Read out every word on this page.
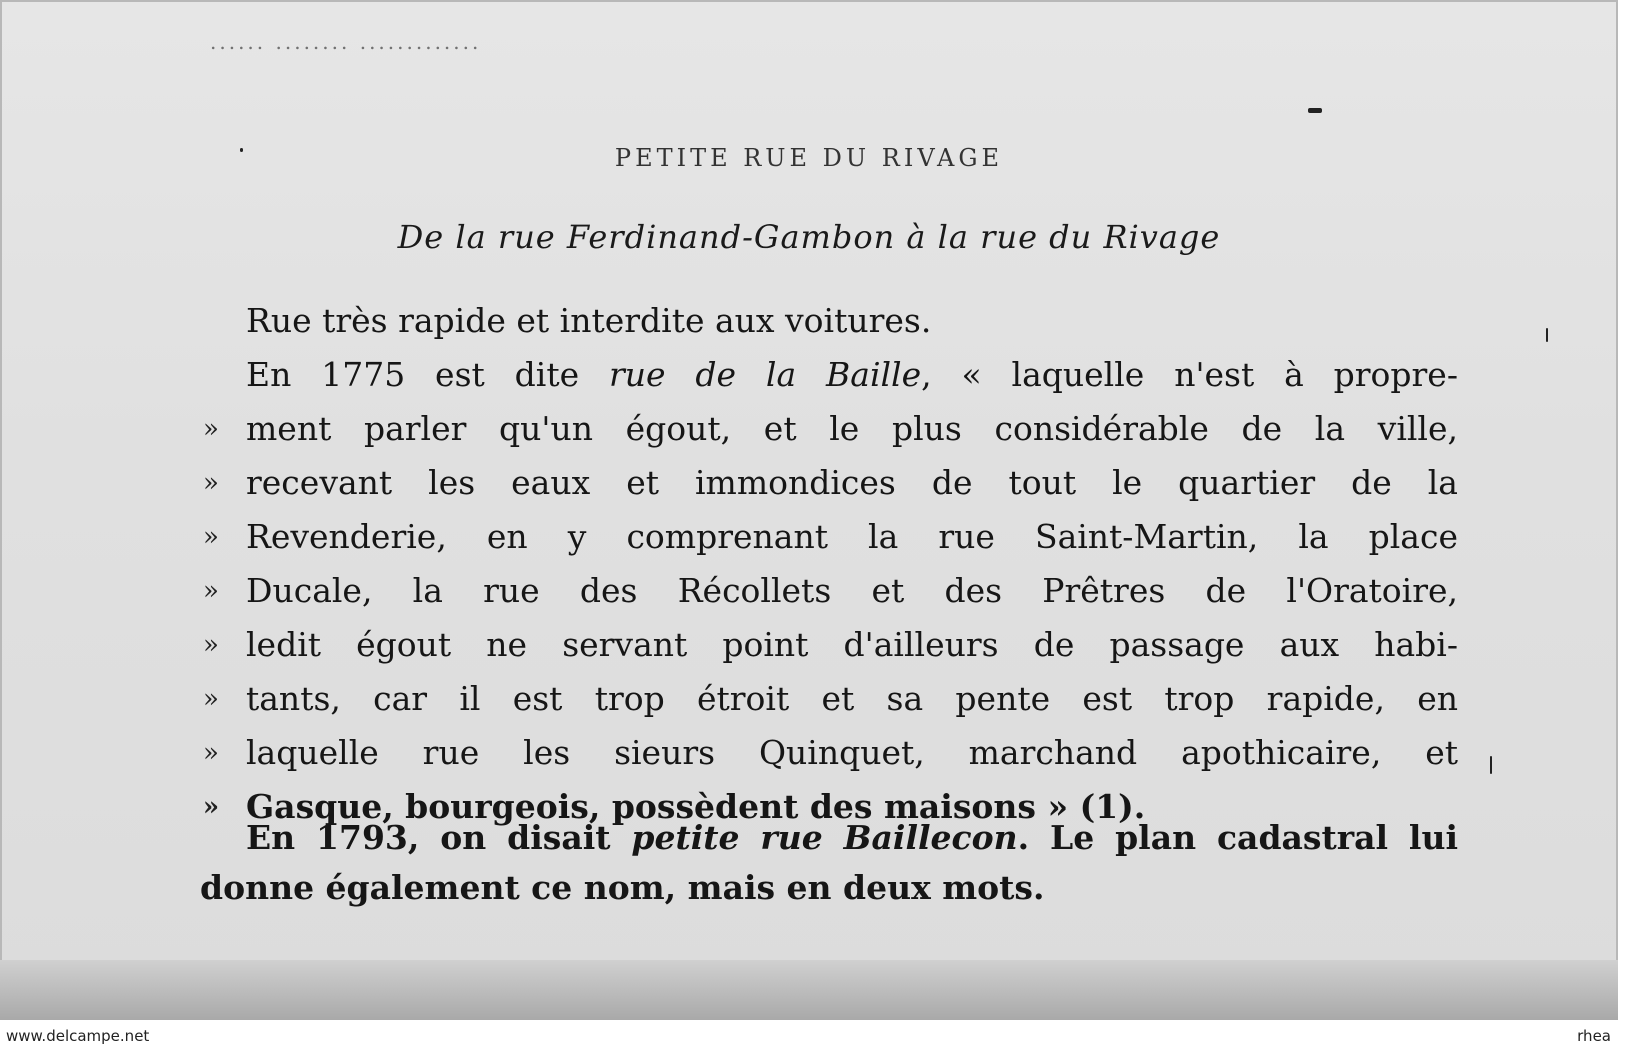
...... ........ .............
PETITE RUE DU RIVAGE
De la rue Ferdinand-Gambon à la rue du Rivage
Rue très rapide et interdite aux voitures.
En 1775 est dite rue de la Baille, « laquelle n'est à propre-
ment parler qu'un égout, et le plus considérable de la ville,
»
recevant les eaux et immondices de tout le quartier de la
»
Revenderie, en y comprenant la rue Saint-Martin, la place
»
Ducale, la rue des Récollets et des Prêtres de l'Oratoire,
»
ledit égout ne servant point d'ailleurs de passage aux habi-
»
tants, car il est trop étroit et sa pente est trop rapide, en
»
laquelle rue les sieurs Quinquet, marchand apothicaire, et
»
Gasque, bourgeois, possèdent des maisons » (1).
»
En 1793, on disait petite rue Baillecon. Le plan cadastral lui
donne également ce nom, mais en deux mots.
www.delcampe.net	rhea
